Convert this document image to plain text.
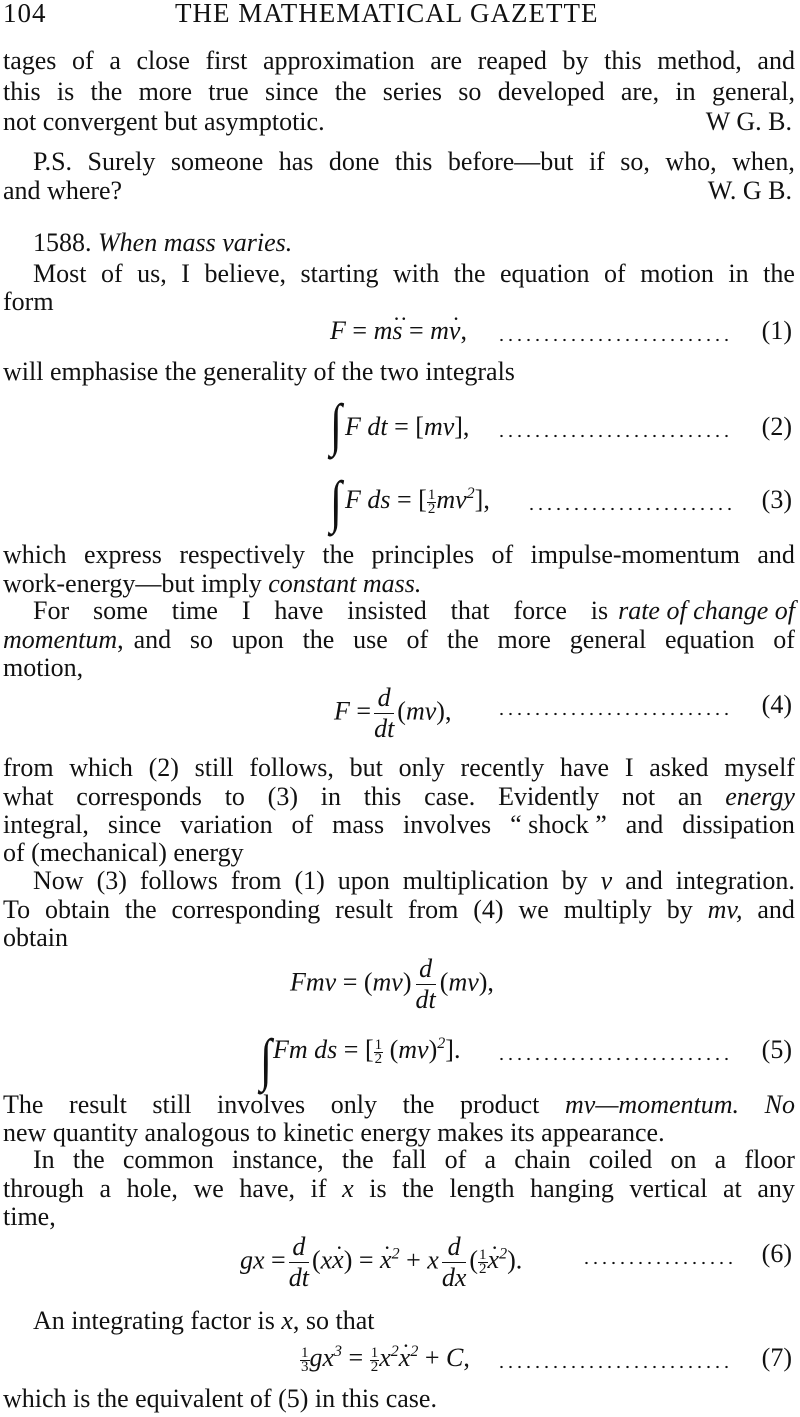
104	THE MATHEMATICAL GAZETTE
tages of a close first approximation are reaped by this method, and
this is the more true since the series so developed are, in general,
not convergent but asymptotic.	W G. B.
P.S. Surely someone has done this before—but if so, who, when,
and where?	W. G B.
1588. When mass varies.
Most of us, I believe, starting with the equation of motion in the
form
F = ms ·· = mv ·,	(1)
will emphasise the generality of the two integrals
∫ F dt = [mv],	(2)
∫ F ds = [ $\frac{1}{2} mv^2$],	(3)
which express respectively the principles of impulse-momentum and
work-energy—but imply constant mass.
For some time I have insisted that force is rate of change of
momentum , and so upon the use of the more general equation of
motion,
$F = \frac{d}{dt} (mv)$,	(4)
from which (2) still follows, but only recently have I asked myself
what corresponds to (3) in this case. Evidently not an energy
integral, since variation of mass involves “ shock ” and dissipation
of (mechanical) energy
Now (3) follows from (1) upon multiplication by v and integration.
To obtain the corresponding result from (4) we multiply by mv, and
obtain
Fmv = $(mv) \frac{d}{dt} (mv)$,
∫ Fm ds = [ $\frac{1}{2} (mv)^2$].	(5)
The result still involves only the product mv—momentum. No
new quantity analogous to kinetic energy makes its appearance.
In the common instance, the fall of a chain coiled on a floor
through a hole, we have, if x is the length hanging vertical at any
time,
gx = $\frac{d}{dt} (xx$ ·) = x ·$^2$ + x $\frac{d}{dx}$ ( $\frac{1}{2}$ x ·$^2$).	(6)
An integrating factor is x, so that
$\frac{1}{3} gx^3 = \frac{1}{2} x^2x \cdot^2 + C$,	(7)
which is the equivalent of (5) in this case.
